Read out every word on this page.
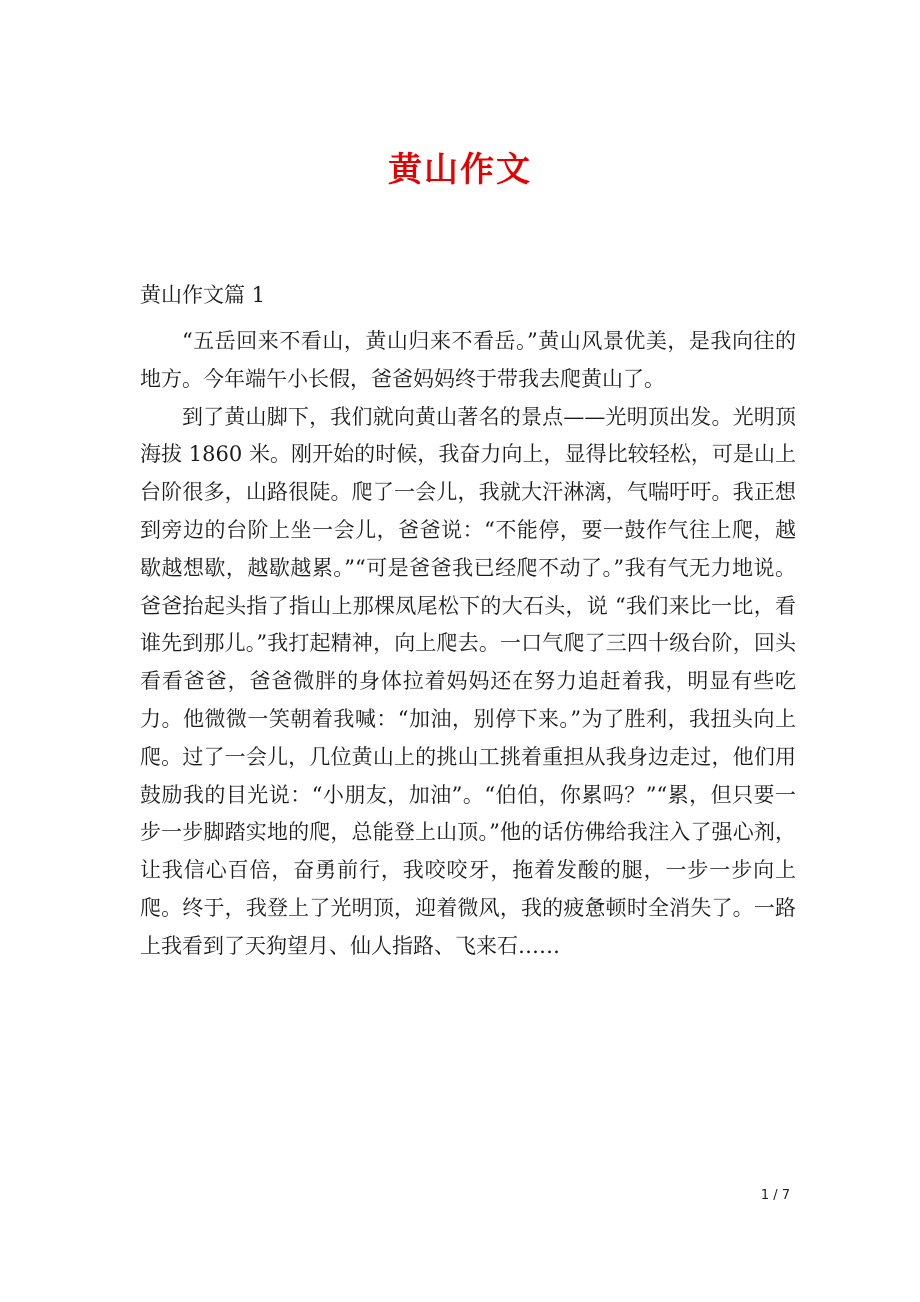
黄山作文
黄山作文篇 1

“五岳回来不看山，黄山归来不看岳。”黄山风景优美，是我向往的地方。今年端午小长假，爸爸妈妈终于带我去爬黄山了。

到了黄山脚下，我们就向黄山著名的景点——光明顶出发。光明顶海拔 1860 米。刚开始的时候，我奋力向上，显得比较轻松，可是山上台阶很多，山路很陡。爬了一会儿，我就大汗淋漓，气喘吁吁。我正想到旁边的台阶上坐一会儿，爸爸说：“不能停，要一鼓作气往上爬，越歇越想歇，越歇越累。”“可是爸爸我已经爬不动了。”我有气无力地说。爸爸抬起头指了指山上那棵凤尾松下的大石头，说 “我们来比一比，看谁先到那儿。”我打起精神，向上爬去。一口气爬了三四十级台阶，回头看看爸爸，爸爸微胖的身体拉着妈妈还在努力追赶着我，明显有些吃力。他微微一笑朝着我喊：“加油，别停下来。”为了胜利，我扭头向上爬。过了一会儿，几位黄山上的挑山工挑着重担从我身边走过，他们用鼓励我的目光说：“小朋友，加油”。“伯伯，你累吗？”“累，但只要一步一步脚踏实地的爬，总能登上山顶。”他的话仿佛给我注入了强心剂，让我信心百倍，奋勇前行，我咬咬牙，拖着发酸的腿，一步一步向上爬。终于，我登上了光明顶，迎着微风，我的疲惫顿时全消失了。一路上我看到了天狗望月、仙人指路、飞来石……

1 / 7
